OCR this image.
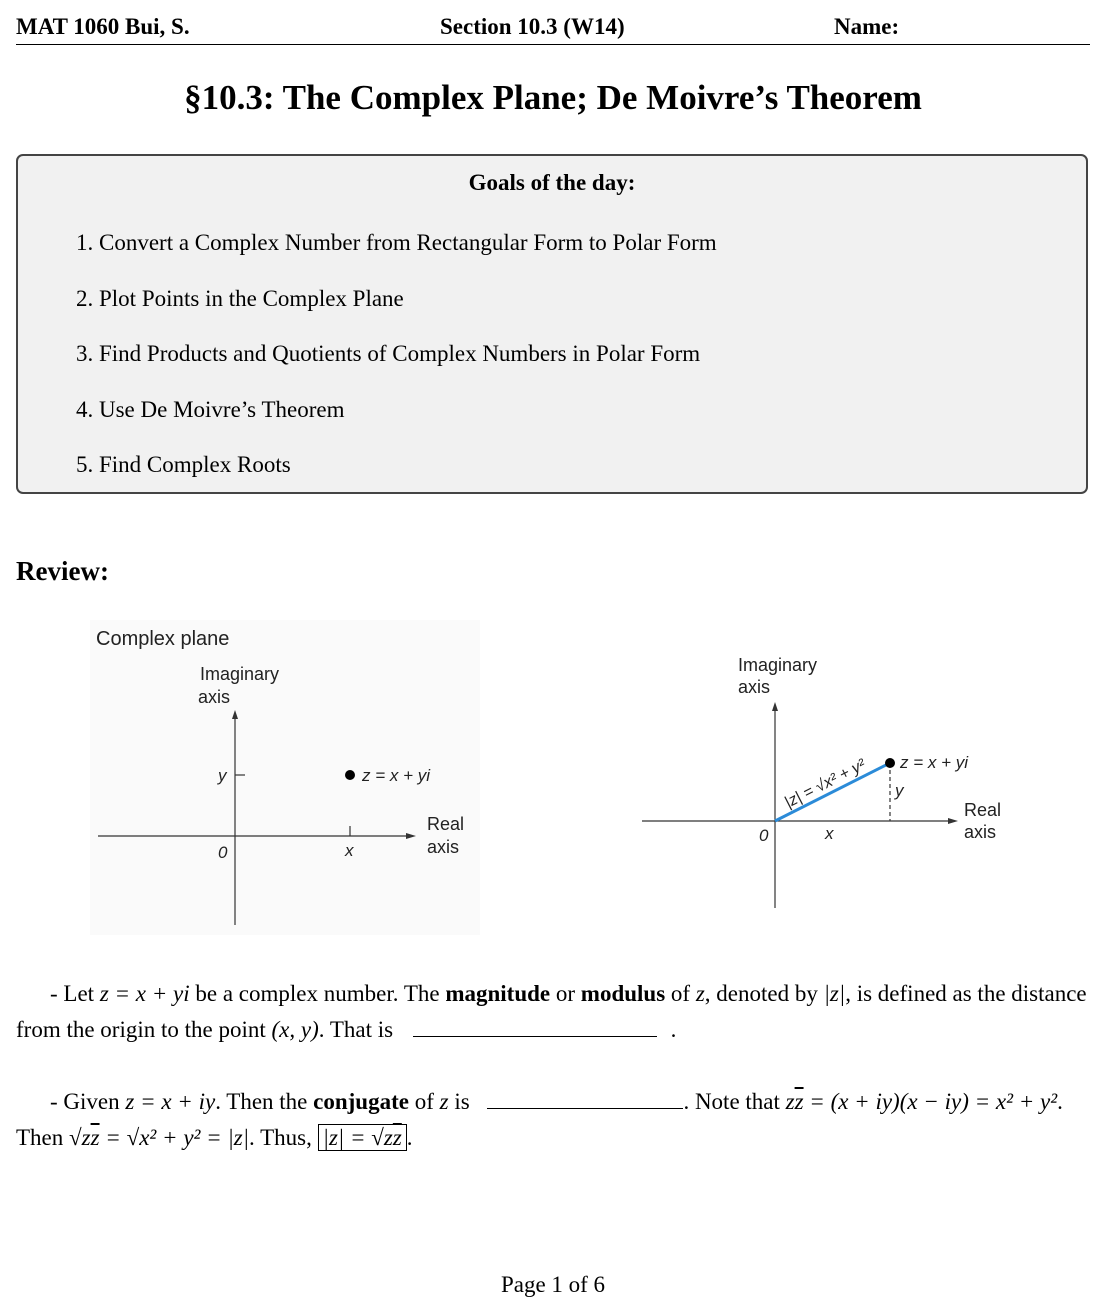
MAT 1060 Bui, S.	Section 10.3 (W14)	Name:
§10.3: The Complex Plane; De Moivre’s Theorem
Goals of the day:
1. Convert a Complex Number from Rectangular Form to Polar Form
2. Plot Points in the Complex Plane
3. Find Products and Quotients of Complex Numbers in Polar Form
4. Use De Moivre’s Theorem
5. Find Complex Roots
Review:
Complex plane
Imaginary
axis
y
x
0
z = x + yi
Real
axis
Imaginary
axis
z = x + yi
y
x
0
|z| = √x² + y²	Real
axis
- Let z = x + yi be a complex number. The magnitude or modulus of z, denoted by |z|, is defined as the distance from the origin to the point (x, y). That is	.
- Given z = x + iy. Then the conjugate of z is	. Note that $z\overline{z} = (x + iy)(x - iy) = x^2 + y^2$. Then $√z\overline{z} = √x^2 + y^2 = |z|$. Thus, $|z| = √z\overline{z}$ .
Page 1 of 6
